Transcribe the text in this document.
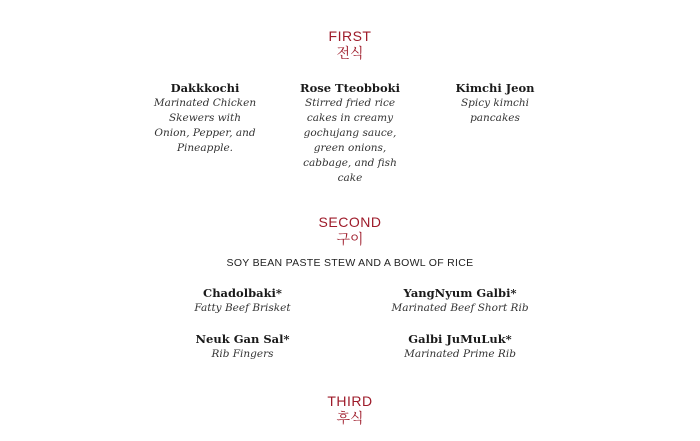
FIRST
전식
Dakkkochi
Marinated Chicken Skewers with Onion, Pepper, and Pineapple.
Rose Tteobboki
Stirred fried rice cakes in creamy gochujang sauce, green onions, cabbage, and fish cake
Kimchi Jeon
Spicy kimchi pancakes
SECOND
구이
SOY BEAN PASTE STEW AND A BOWL OF RICE
Chadolbaki*
Fatty Beef Brisket
YangNyum Galbi*
Marinated Beef Short Rib
Neuk Gan Sal*
Rib Fingers
Galbi JuMuLuk*
Marinated Prime Rib
THIRD
후식
